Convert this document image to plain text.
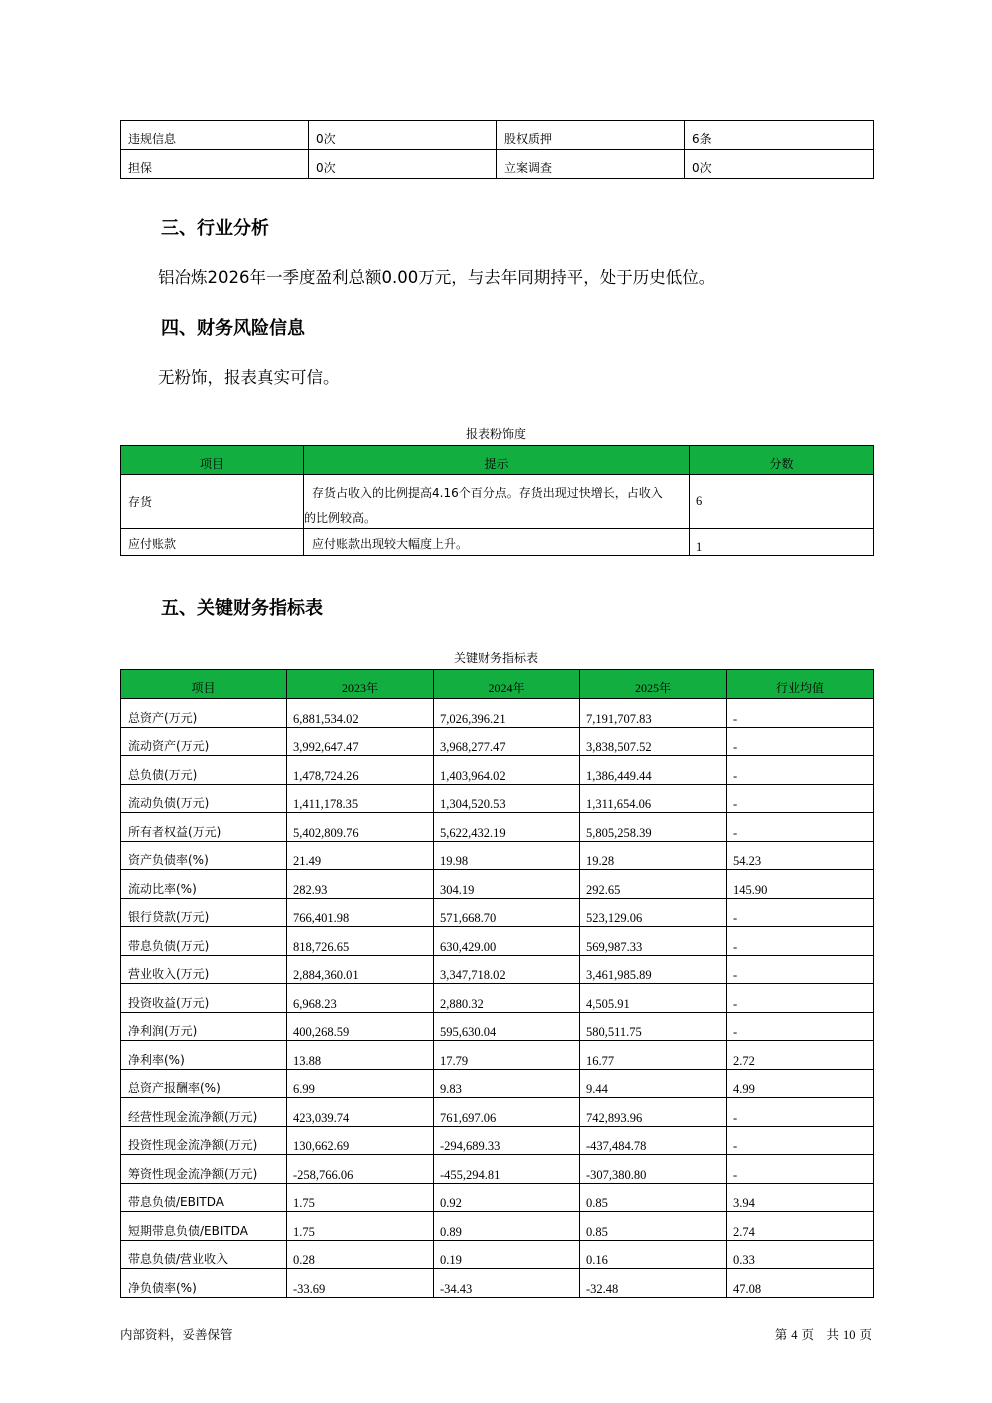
违规信息	0次	股权质押	6条
担保	0次	立案调查	0次
三、行业分析
铝冶炼2026年一季度盈利总额0.00万元，与去年同期持平，处于历史低位。
四、财务风险信息
无粉饰，报表真实可信。
报表粉饰度
项目	提示	分数
存货	存货占收入的比例提高4.16个百分点。存货出现过快增长，占收入
的比例较高。	6
应付账款	应付账款出现较大幅度上升。	1
五、关键财务指标表
关键财务指标表
项目	2023年	2024年	2025年	行业均值
总资产(万元)	6,881,534.02	7,026,396.21	7,191,707.83	-
流动资产(万元)	3,992,647.47	3,968,277.47	3,838,507.52	-
总负债(万元)	1,478,724.26	1,403,964.02	1,386,449.44	-
流动负债(万元)	1,411,178.35	1,304,520.53	1,311,654.06	-
所有者权益(万元)	5,402,809.76	5,622,432.19	5,805,258.39	-
资产负债率(%)	21.49	19.98	19.28	54.23
流动比率(%)	282.93	304.19	292.65	145.90
银行贷款(万元)	766,401.98	571,668.70	523,129.06	-
带息负债(万元)	818,726.65	630,429.00	569,987.33	-
营业收入(万元)	2,884,360.01	3,347,718.02	3,461,985.89	-
投资收益(万元)	6,968.23	2,880.32	4,505.91	-
净利润(万元)	400,268.59	595,630.04	580,511.75	-
净利率(%)	13.88	17.79	16.77	2.72
总资产报酬率(%)	6.99	9.83	9.44	4.99
经营性现金流净额(万元)	423,039.74	761,697.06	742,893.96	-
投资性现金流净额(万元)	130,662.69	-294,689.33	-437,484.78	-
筹资性现金流净额(万元)	-258,766.06	-455,294.81	-307,380.80	-
带息负债/EBITDA	1.75	0.92	0.85	3.94
短期带息负债/EBITDA	1.75	0.89	0.85	2.74
带息负债/营业收入	0.28	0.19	0.16	0.33
净负债率(%)	-33.69	-34.43	-32.48	47.08
内部资料，妥善保管	第 4 页　共 10 页
